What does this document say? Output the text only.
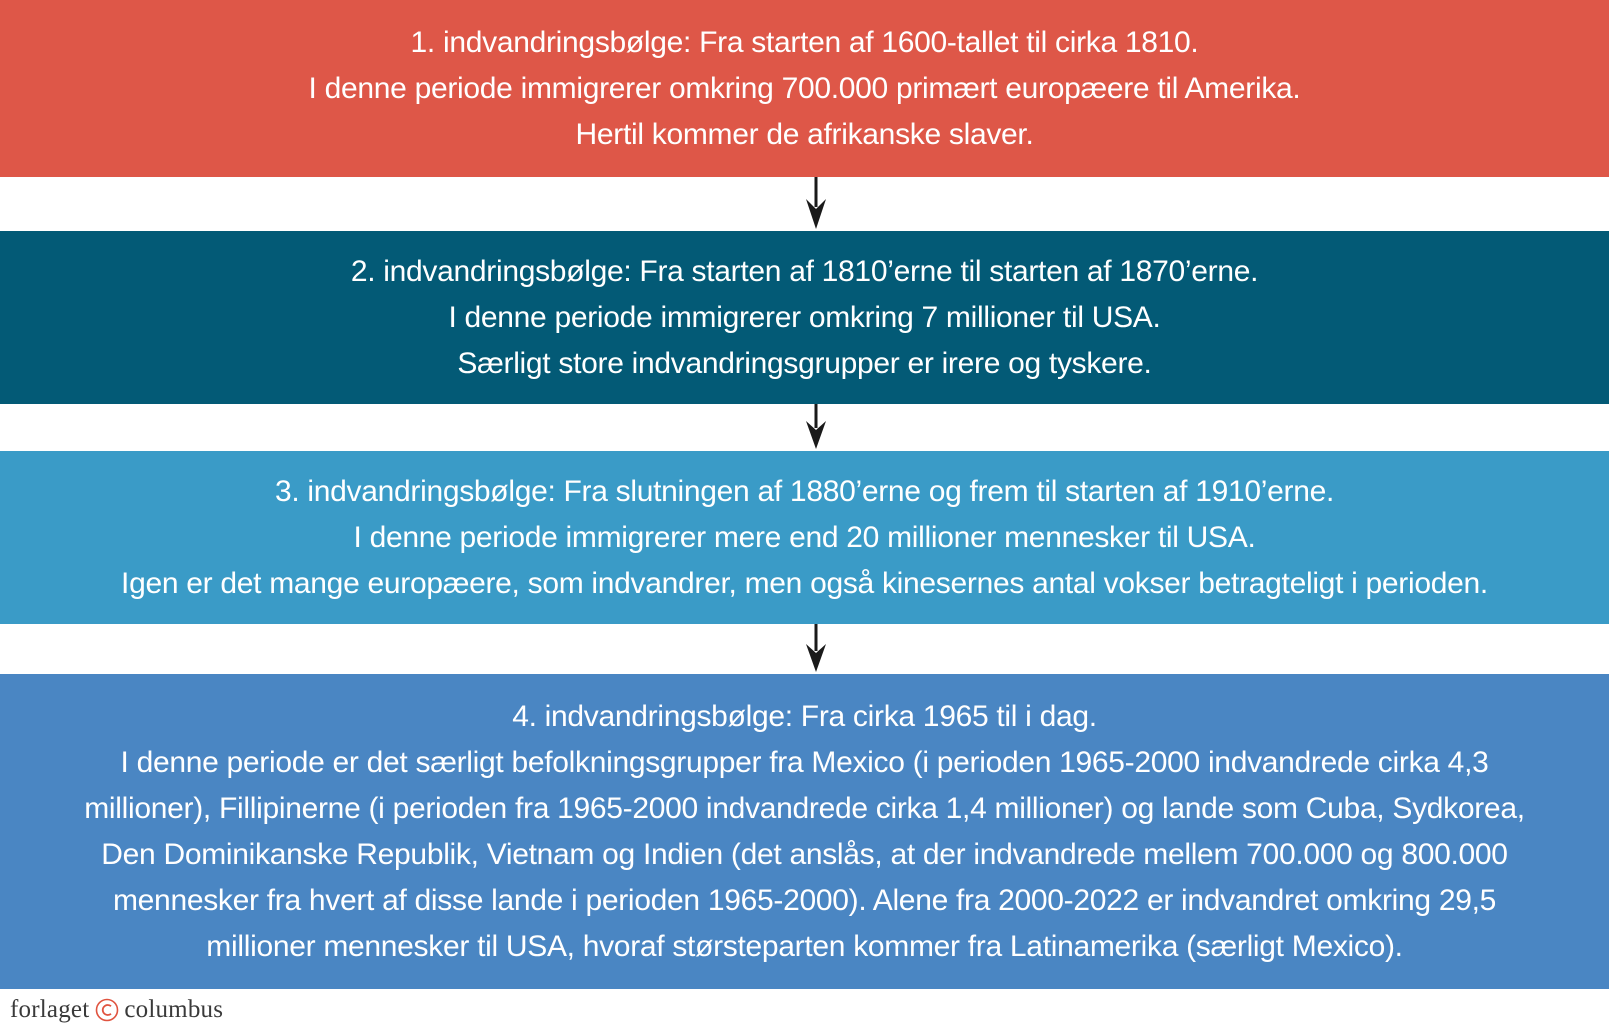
1. indvandringsbølge: Fra starten af 1600-tallet til cirka 1810.

I denne periode immigrerer omkring 700.000 primært europæere til Amerika.

Hertil kommer de afrikanske slaver.

2. indvandringsbølge: Fra starten af 1810’erne til starten af 1870’erne.

I denne periode immigrerer omkring 7 millioner til USA.

Særligt store indvandringsgrupper er irere og tyskere.

3. indvandringsbølge: Fra slutningen af 1880’erne og frem til starten af 1910’erne.

I denne periode immigrerer mere end 20 millioner mennesker til USA.

Igen er det mange europæere, som indvandrer, men også kinesernes antal vokser betragteligt i perioden.

4. indvandringsbølge: Fra cirka 1965 til i dag.

I denne periode er det særligt befolkningsgrupper fra Mexico (i perioden 1965-2000 indvandrede cirka 4,3

millioner), Fillipinerne (i perioden fra 1965-2000 indvandrede cirka 1,4 millioner) og lande som Cuba, Sydkorea,

Den Dominikanske Republik, Vietnam og Indien (det anslås, at der indvandrede mellem 700.000 og 800.000

mennesker fra hvert af disse lande i perioden 1965-2000). Alene fra 2000-2022 er indvandret omkring 29,5

millioner mennesker til USA, hvoraf størsteparten kommer fra Latinamerika (særligt Mexico).

forlaget columbus
